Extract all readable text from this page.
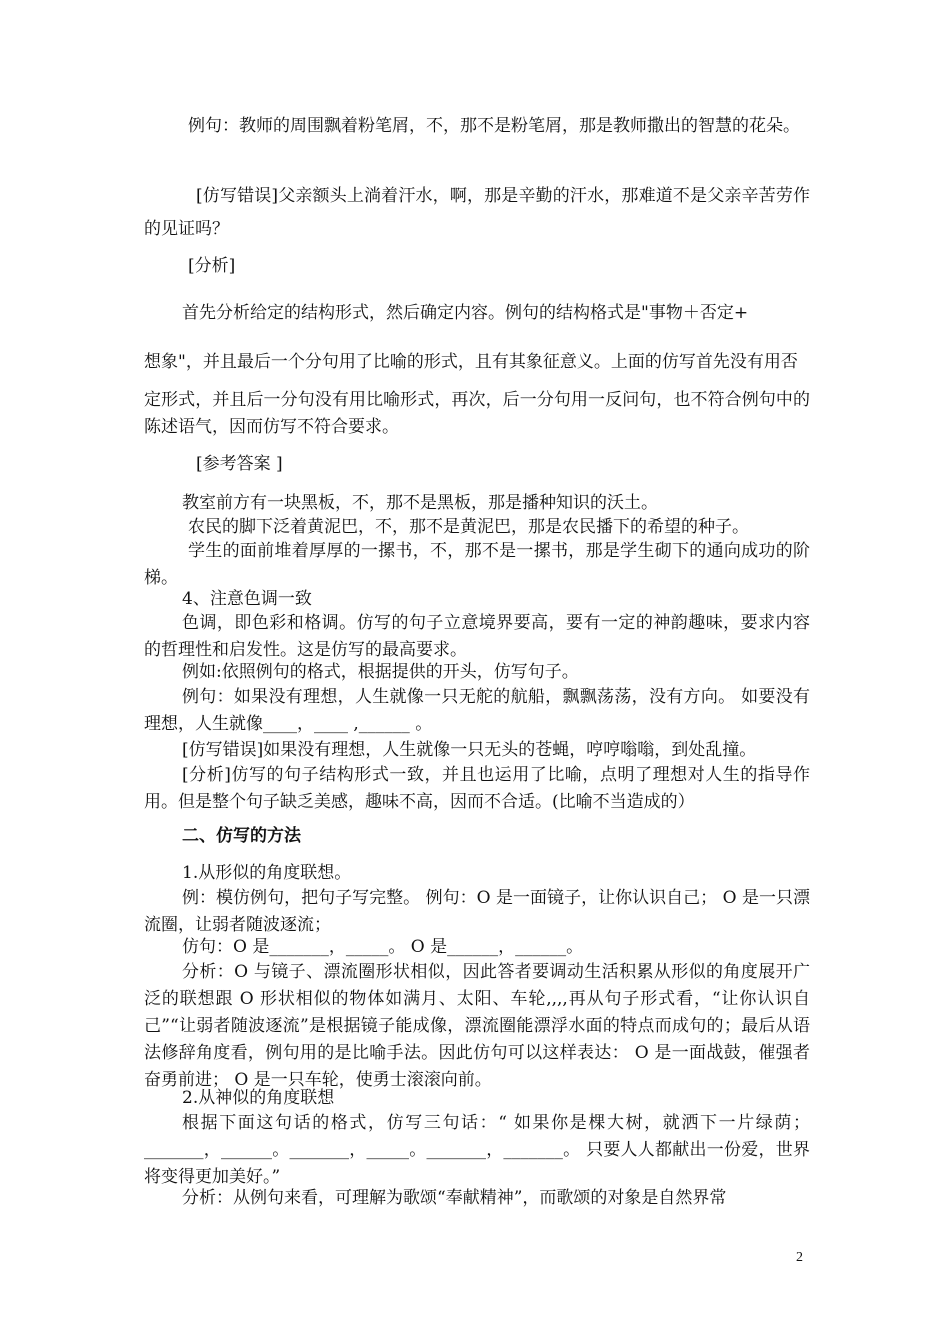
例句：教师的周围飘着粉笔屑，不，那不是粉笔屑，那是教师撒出的智慧的花朵。
[仿写错误]父亲额头上淌着汗水，啊，那是辛勤的汗水，那难道不是父亲辛苦劳作的见证吗？
[分析]
首先分析给定的结构形式，然后确定内容。例句的结构格式是"事物＋否定+
想象"，并且最后一个分句用了比喻的形式，且有其象征意义。上面的仿写首先没有用否
定形式，并且后一分句没有用比喻形式，再次，后一分句用一反问句，也不符合例句中的陈述语气，因而仿写不符合要求。
[参考答案 ]
教室前方有一块黑板，不，那不是黑板，那是播种知识的沃土。
农民的脚下泛着黄泥巴，不，那不是黄泥巴，那是农民播下的希望的种子。
学生的面前堆着厚厚的一摞书，不，那不是一摞书，那是学生砌下的通向成功的阶梯。
4、注意色调一致
色调，即色彩和格调。仿写的句子立意境界要高，要有一定的神韵趣味，要求内容的哲理性和启发性。这是仿写的最高要求。
例如:依照例句的格式，根据提供的开头，仿写句子。
例句：如果没有理想，人生就像一只无舵的航船，飘飘荡荡，没有方向。 如要没有理想，人生就像____，____ ,______ 。
[仿写错误]如果没有理想，人生就像一只无头的苍蝇，哼哼嗡嗡，到处乱撞。
[分析]仿写的句子结构形式一致，并且也运用了比喻，点明了理想对人生的指导作用。但是整个句子缺乏美感，趣味不高，因而不合适。(比喻不当造成的）
二、仿写的方法
1.从形似的角度联想。
例：模仿例句，把句子写完整。 例句：O 是一面镜子，让你认识自己； O 是一只漂流圈，让弱者随波逐流；
仿句：O 是_______，_____。 O 是______，______。
分析：O 与镜子、漂流圈形状相似，因此答者要调动生活积累从形似的角度展开广泛的联想跟 O 形状相似的物体如满月、太阳、车轮,,,,再从句子形式看，“让你认识自己”“让弱者随波逐流”是根据镜子能成像，漂流圈能漂浮水面的特点而成句的；最后从语法修辞角度看，例句用的是比喻手法。因此仿句可以这样表达： O 是一面战鼓，催强者奋勇前进； O 是一只车轮，使勇士滚滚向前。
2.从神似的角度联想
根据下面这句话的格式，仿写三句话：“ 如果你是棵大树，就洒下一片绿荫；_______，______。_______，_____。_______，_______。 只要人人都献出一份爱，世界将变得更加美好。”
分析：从例句来看，可理解为歌颂“奉献精神”，而歌颂的对象是自然界常
2
